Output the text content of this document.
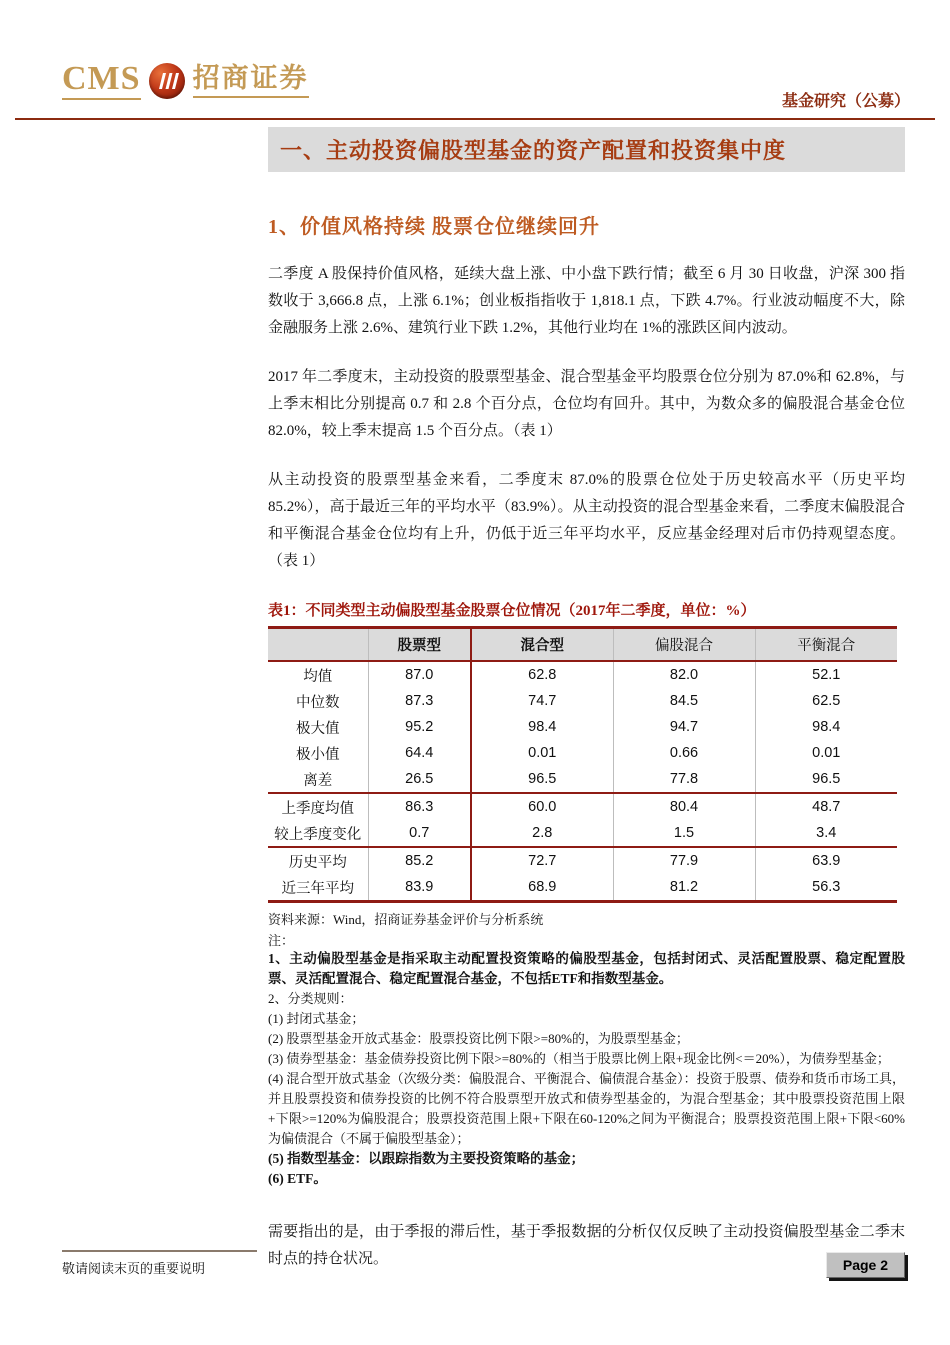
CMS 招商证券
基金研究（公募）
一、主动投资偏股型基金的资产配置和投资集中度
1、价值风格持续 股票仓位继续回升

二季度 A 股保持价值风格，延续大盘上涨、中小盘下跌行情；截至 6 月 30 日收盘，沪深 300 指数收于 3,666.8 点，上涨 6.1%；创业板指指收于 1,818.1 点，下跌 4.7%。行业波动幅度不大，除金融服务上涨 2.6%、建筑行业下跌 1.2%，其他行业均在 1%的涨跌区间内波动。

2017 年二季度末，主动投资的股票型基金、混合型基金平均股票仓位分别为 87.0%和 62.8%，与上季末相比分别提高 0.7 和 2.8 个百分点，仓位均有回升。其中，为数众多的偏股混合基金仓位 82.0%，较上季末提高 1.5 个百分点。（表 1）

从主动投资的股票型基金来看，二季度末 87.0%的股票仓位处于历史较高水平（历史平均 85.2%），高于最近三年的平均水平（83.9%）。从主动投资的混合型基金来看，二季度末偏股混合和平衡混合基金仓位均有上升，仍低于近三年平均水平，反应基金经理对后市仍持观望态度。（表 1）

表1：不同类型主动偏股型基金股票仓位情况（2017年二季度，单位：%）
	股票型	混合型	偏股混合	平衡混合
均值	87.0	62.8	82.0	52.1
中位数	87.3	74.7	84.5	62.5
极大值	95.2	98.4	94.7	98.4
极小值	64.4	0.01	0.66	0.01
离差	26.5	96.5	77.8	96.5
上季度均值	86.3	60.0	80.4	48.7
较上季度变化	0.7	2.8	1.5	3.4
历史平均	85.2	72.7	77.9	63.9
近三年平均	83.9	68.9	81.2	56.3
资料来源：Wind，招商证券基金评价与分析系统
注：
1、主动偏股型基金是指采取主动配置投资策略的偏股型基金，包括封闭式、灵活配置股票、稳定配置股票、灵活配置混合、稳定配置混合基金，不包括ETF和指数型基金。
2、分类规则：
(1) 封闭式基金；
(2) 股票型基金开放式基金：股票投资比例下限>=80%的，为股票型基金；
(3) 债券型基金：基金债券投资比例下限>=80%的（相当于股票比例上限+现金比例<＝20%），为债券型基金；
(4) 混合型开放式基金（次级分类：偏股混合、平衡混合、偏债混合基金）：投资于股票、债券和货币市场工具，并且股票投资和债券投资的比例不符合股票型开放式和债券型基金的，为混合型基金；其中股票投资范围上限+下限>=120%为偏股混合；股票投资范围上限+下限在60-120%之间为平衡混合；股票投资范围上限+下限<60%为偏债混合（不属于偏股型基金）；
(5) 指数型基金：以跟踪指数为主要投资策略的基金；
(6) ETF。

需要指出的是，由于季报的滞后性，基于季报数据的分析仅仅反映了主动投资偏股型基金二季末时点的持仓状况。

敬请阅读末页的重要说明	Page 2
